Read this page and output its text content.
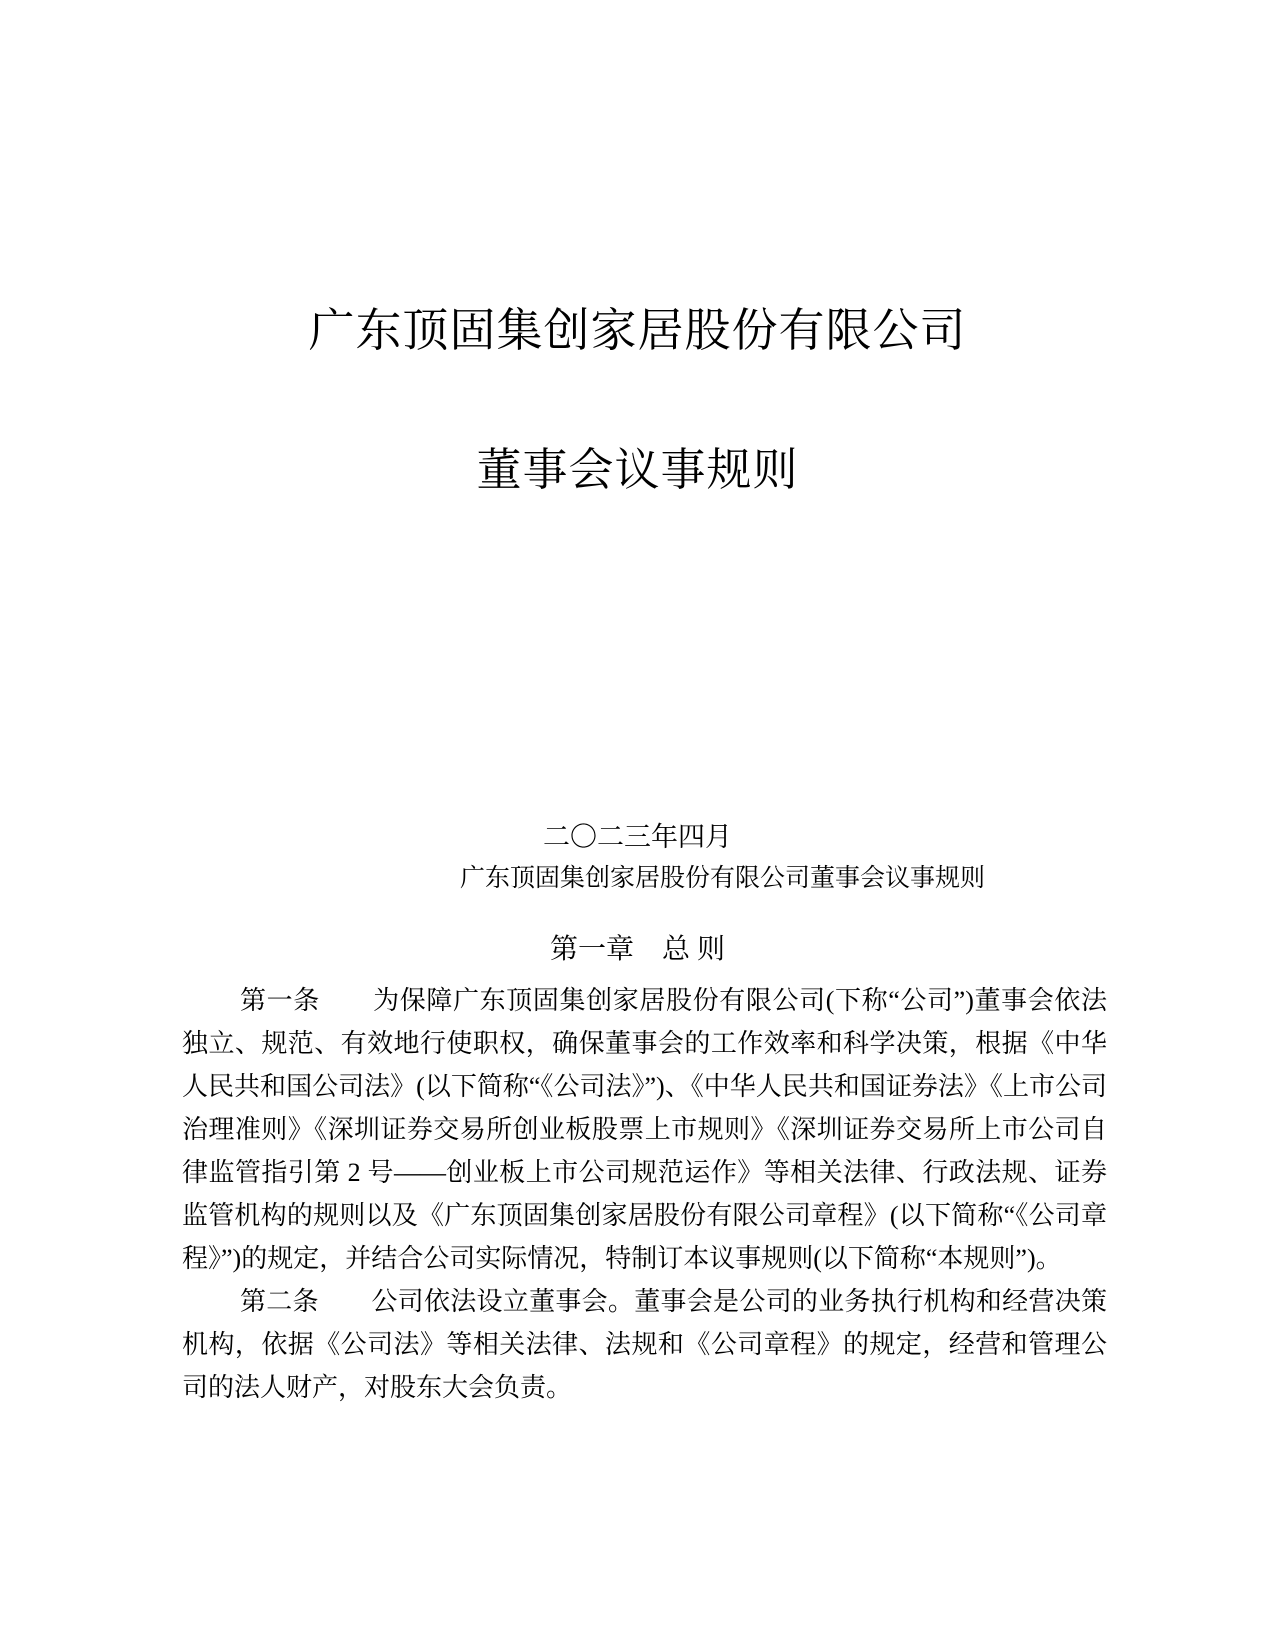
广东顶固集创家居股份有限公司
董事会议事规则
二〇二三年四月
广东顶固集创家居股份有限公司董事会议事规则
第一章　总 则

第一条　　为保障广东顶固集创家居股份有限公司(下称“公司”)董事会依法独立、规范、有效地行使职权，确保董事会的工作效率和科学决策，根据《中华人民共和国公司法》(以下简称“《公司法》”)、《中华人民共和国证券法》《上市公司治理准则》《深圳证券交易所创业板股票上市规则》《深圳证券交易所上市公司自律监管指引第 2 号——创业板上市公司规范运作》等相关法律、行政法规、证券监管机构的规则以及《广东顶固集创家居股份有限公司章程》(以下简称“《公司章程》”)的规定，并结合公司实际情况，特制订本议事规则(以下简称“本规则”)。

第二条　　公司依法设立董事会。董事会是公司的业务执行机构和经营决策机构，依据《公司法》等相关法律、法规和《公司章程》的规定，经营和管理公司的法人财产，对股东大会负责。
